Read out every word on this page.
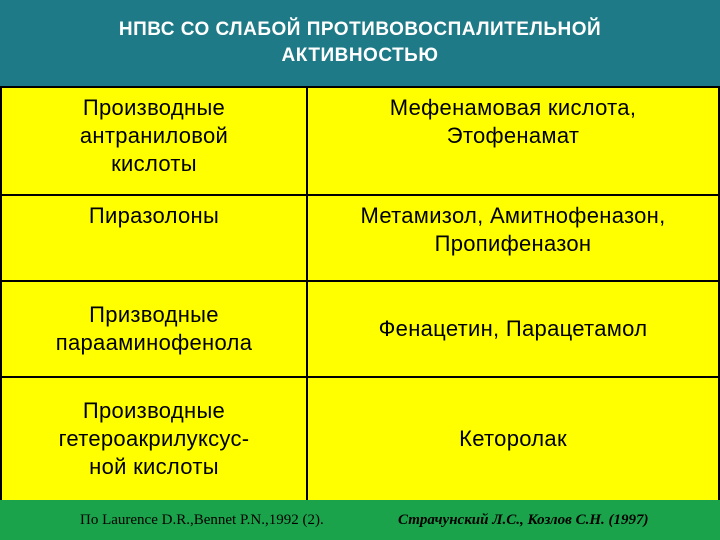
НПВС СО СЛАБОЙ ПРОТИВОВОСПАЛИТЕЛЬНОЙ
АКТИВНОСТЬЮ
Производные
антраниловой
кислоты	Мефенамовая кислота,
Этофенамат
Пиразолоны	Метамизол, Амитнофеназон,
Пропифеназон
Призводные
парааминофенола	Фенацетин, Парацетамол
Производные
гетероакрилуксус-
ной кислоты	Кеторолак
По Laurence D.R.,Bennet P.N.,1992 (2).	Страчунский Л.С., Козлов С.Н. (1997)
